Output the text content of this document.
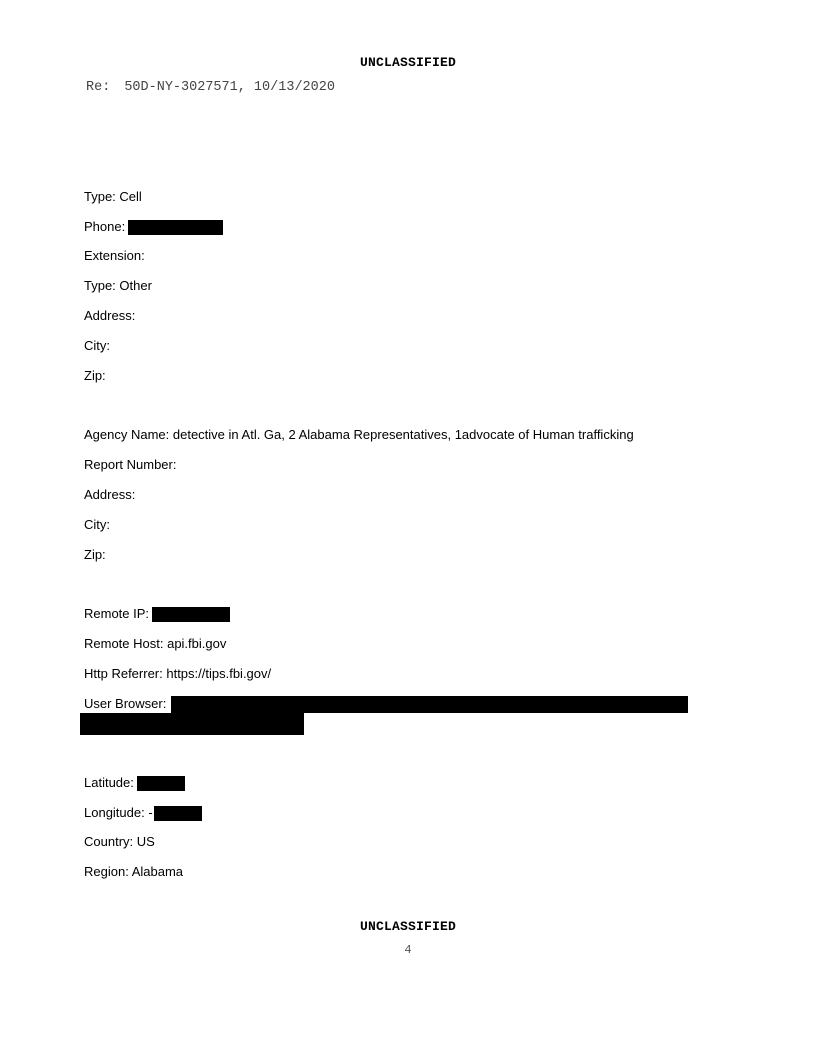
UNCLASSIFIED
Re: 50D-NY-3027571, 10/13/2020
Type: Cell
Phone:
Extension:
Type: Other
Address:
City:
Zip:
Agency Name: detective in Atl. Ga, 2 Alabama Representatives, 1advocate of Human trafficking
Report Number:
Address:
City:
Zip:
Remote IP:
Remote Host: api.fbi.gov
Http Referrer: https://tips.fbi.gov/
User Browser:
Latitude:
Longitude: -
Country: US
Region: Alabama
UNCLASSIFIED
4
